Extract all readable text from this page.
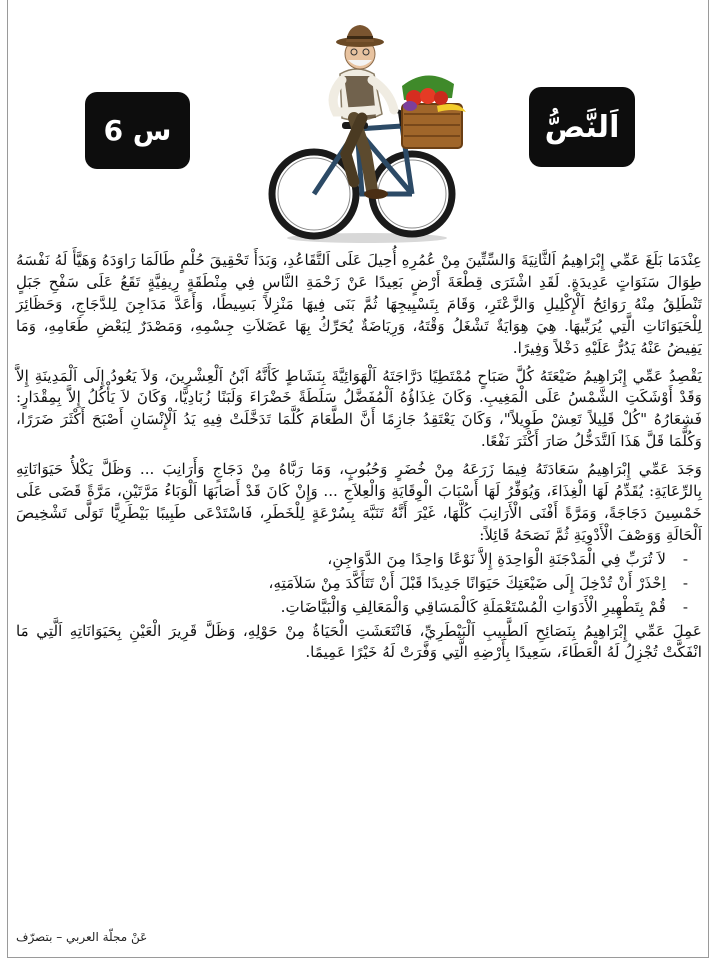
س 6	اَلنَّصُّ

عِنْدَمَا بَلَغَ عَمِّي إِبْرَاهِيمُ اَلثَّانِيَةَ وَالسِّتِّينَ مِنْ عُمُرِهِ أُحِيلَ عَلَى اَلتَّقَاعُدِ، وَبَدَأَ تَحْقِيقَ حُلْمٍ طَالَمَا رَاوَدَهُ وَهَيَّأَ لَهُ نَفْسَهُ طِوَالَ سَنَوَاتٍ عَدِيدَةٍ. لَقَدِ اشْتَرَى قِطْعَةَ أَرْضٍ بَعِيدًا عَنْ زَحْمَةِ النَّاسِ فِي مِنْطَقَةٍ رِيفِيَّةٍ تَقَعُ عَلَى سَفْحِ جَبَلٍ تَنْطَلِقُ مِنْهُ رَوَائِحُ اَلْإِكْلِيلِ وَالزَّعْتَرِ، وَقَامَ بِتَسْيِيجِهَا ثُمَّ بَنَى فِيهَا مَنْزِلاً بَسِيطًا، وَأَعَدَّ مَدَاجِنَ لِلدَّجَاجِ، وَحَظَائِرَ لِلْحَيَوَانَاتِ الَّتِي يُرَبِّيهَا. هِيَ هِوَايَةٌ تَشْغَلُ وَقْتَهُ، وَرِيَاضَةٌ يُحَرِّكُ بِهَا عَضَلاَتِ جِسْمِهِ، وَمَصْدَرٌ لِبَعْضِ طَعَامِهِ، وَمَا يَفِيضُ عَنْهُ يَدُرُّ عَلَيْهِ دَخْلاً وَفِيرًا.

يَقْصِدُ عَمِّي إِبْرَاهِيمُ ضَيْعَتَهُ كُلَّ صَبَاحٍ مُمْتَطِيًا دَرَّاجَتَهُ اَلْهَوَائِيَّةَ بِنَشَاطٍ كَأَنَّهُ اَبْنُ اَلْعِشْرِينَ، وَلاَ يَعُودُ إِلَى اَلْمَدِينَةِ إِلاَّ وَقَدْ أَوْشَكَتِ الشَّمْسُ عَلَى الْمَغِيبِ. وَكَانَ غِذَاؤُهُ اَلْمُفَضَّلُ سَلَطَةً خَضْرَاءَ وَلَبَنًا زُبَادِيًّا، وَكَانَ لاَ يَأْكُلُ إِلاَّ بِمِقْدَارٍ: فَشِعَارُهُ "كُلْ قَلِيلاً تَعِشْ طَوِيلاً"، وَكَانَ يَعْتَقِدُ جَازِمًا أَنَّ الطَّعَامَ كُلَّمَا تَدَخَّلَتْ فِيهِ يَدُ اَلْإِنْسَانِ أَصْبَحَ أَكْثَرَ ضَرَرًا، وَكُلَّمَا قَلَّ هَذَا اَلتَّدَخُّلُ صَارَ أَكْثَرَ نَفْعًا.

وَجَدَ عَمِّي إِبْرَاهِيمُ سَعَادَتَهُ فِيمَا زَرَعَهُ مِنْ خُضَرٍ وَحُبُوبٍ، وَمَا رَبَّاهُ مِنْ دَجَاجٍ وَأَرَانِبَ ... وَظَلَّ يَكْلأُ حَيَوَانَاتِهِ بِالرِّعَايَةِ: يُقَدِّمُ لَهَا الْغِذَاءَ، وَيُوَفِّرُ لَهَا أَسْبَابَ الْوِقَايَةِ وَالْعِلاَجِ ... وَإِنْ كَانَ قَدْ أَصَابَهَا اَلْوَبَاءُ مَرَّتَيْنِ، مَرَّةً قَضَى عَلَى خَمْسِينَ دَجَاجَةً، وَمَرَّةً أَفْنَى الْأَرَانِبَ كُلَّهَا، غَيْرَ أَنَّهُ تَنَبَّهَ بِسُرْعَةٍ لِلْخَطَرِ، فَاسْتَدْعَى طَبِيبًا بَيْطَرِيًّا تَوَلَّى تَشْخِيصَ اَلْحَالَةِ وَوَصْفَ الْأَدْوِيَةِ ثُمَّ نَصَحَهُ قَائِلاً:

- لاَ تُرَبِّ فِي الْمَدْجَنَةِ الْوَاحِدَةِ إِلاَّ نَوْعًا وَاحِدًا مِنَ الدَّوَاجِنِ،
- اِحْذَرْ أَنْ تُدْخِلَ إِلَى ضَيْعَتِكَ حَيَوَانًا جَدِيدًا قَبْلَ أَنْ تَتَأَكَّدَ مِنْ سَلاَمَتِهِ،
- قُمْ بِتَطْهِيرِ الْأَدَوَاتِ الْمُسْتَعْمَلَةِ كَالْمَسَاقِي وَالْمَعَالِفِ وَالْبَيَّاضَاتِ.

عَمِلَ عَمِّي إِبْرَاهِيمُ بِنَصَائِحِ اَلطَّبِيبِ اَلْبَيْطَرِيِّ، فَانْتَعَشَتِ الْحَيَاةُ مِنْ حَوْلِهِ، وَظَلَّ قَرِيرَ الْعَيْنِ بِحَيَوَانَاتِهِ اَلَّتِي مَا انْفَكَّتْ تُجْزِلُ لَهُ الْعَطَاءَ، سَعِيدًا بِأَرْضِهِ الَّتِي وَفَّرَتْ لَهُ خَيْرًا عَمِيمًا.

عَنْ مجلّة العربي – بتصرّف
